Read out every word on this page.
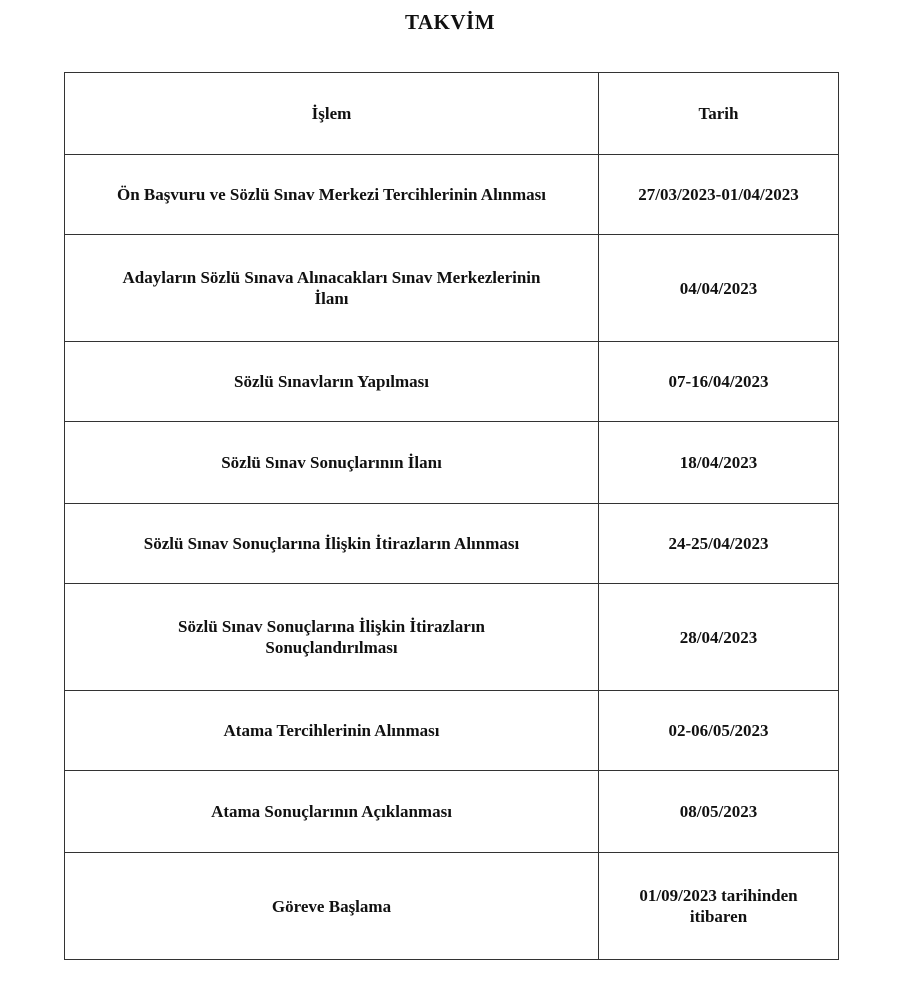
TAKVİM
İşlem	Tarih
Ön Başvuru ve Sözlü Sınav Merkezi Tercihlerinin Alınması	27/03/2023-01/04/2023
Adayların Sözlü Sınava Alınacakları Sınav Merkezlerinin
İlanı	04/04/2023
Sözlü Sınavların Yapılması	07-16/04/2023
Sözlü Sınav Sonuçlarının İlanı	18/04/2023
Sözlü Sınav Sonuçlarına İlişkin İtirazların Alınması	24-25/04/2023
Sözlü Sınav Sonuçlarına İlişkin İtirazların
Sonuçlandırılması	28/04/2023
Atama Tercihlerinin Alınması	02-06/05/2023
Atama Sonuçlarının Açıklanması	08/05/2023
Göreve Başlama	01/09/2023 tarihinden
itibaren
